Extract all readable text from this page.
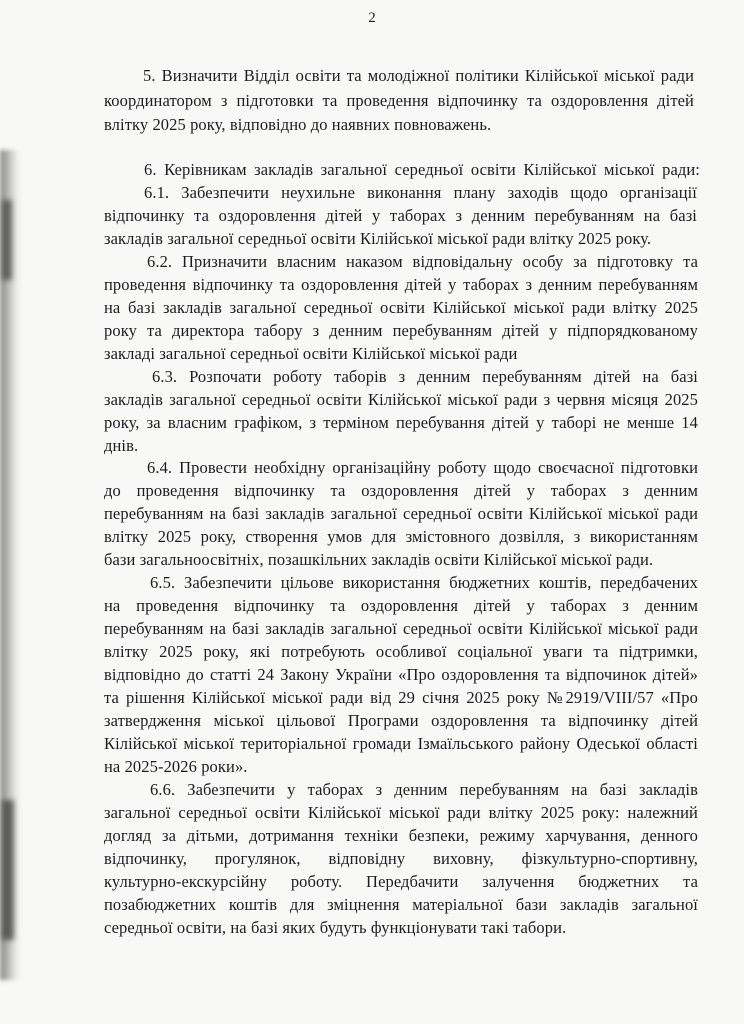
2
5. Визначити Відділ освіти та молодіжної політики Кілійської міської ради
координатором з підготовки та проведення відпочинку та оздоровлення дітей
влітку 2025 року, відповідно до наявних повноважень.
6. Керівникам закладів загальної середньої освіти Кілійської міської ради:
6.1. Забезпечити неухильне виконання плану заходів щодо організації
відпочинку та оздоровлення дітей у таборах з денним перебуванням на базі
закладів загальної середньої освіти Кілійської міської ради влітку 2025 року.
6.2. Призначити власним наказом відповідальну особу за підготовку та
проведення відпочинку та оздоровлення дітей у таборах з денним перебуванням
на базі закладів загальної середньої освіти Кілійської міської ради влітку 2025
року та директора табору з денним перебуванням дітей у підпорядкованому
закладі загальної середньої освіти Кілійської міської ради
6.3. Розпочати роботу таборів з денним перебуванням дітей на базі
закладів загальної середньої освіти Кілійської міської ради з червня місяця 2025
року, за власним графіком, з терміном перебування дітей у таборі не менше 14
днів.
6.4. Провести необхідну організаційну роботу щодо своєчасної підготовки
до проведення відпочинку та оздоровлення дітей у таборах з денним
перебуванням на базі закладів загальної середньої освіти Кілійської міської ради
влітку 2025 року, створення умов для змістовного дозвілля, з використанням
бази загальноосвітніх, позашкільних закладів освіти Кілійської міської ради.
6.5. Забезпечити цільове використання бюджетних коштів, передбачених
на проведення відпочинку та оздоровлення дітей у таборах з денним
перебуванням на базі закладів загальної середньої освіти Кілійської міської ради
влітку 2025 року, які потребують особливої соціальної уваги та підтримки,
відповідно до статті 24 Закону України «Про оздоровлення та відпочинок дітей»
та рішення Кілійської міської ради від 29 січня 2025 року №2919/VIII/57 «Про
затвердження міської цільової Програми оздоровлення та відпочинку дітей
Кілійської міської територіальної громади Ізмаїльського району Одеської області
на 2025-2026 роки».
6.6. Забезпечити у таборах з денним перебуванням на базі закладів
загальної середньої освіти Кілійської міської ради влітку 2025 року: належний
догляд за дітьми, дотримання техніки безпеки, режиму харчування, денного
відпочинку, прогулянок, відповідну виховну, фізкультурно-спортивну,
культурно-екскурсійну роботу. Передбачити залучення бюджетних та
позабюджетних коштів для зміцнення матеріальної бази закладів загальної
середньої освіти, на базі яких будуть функціонувати такі табори.
